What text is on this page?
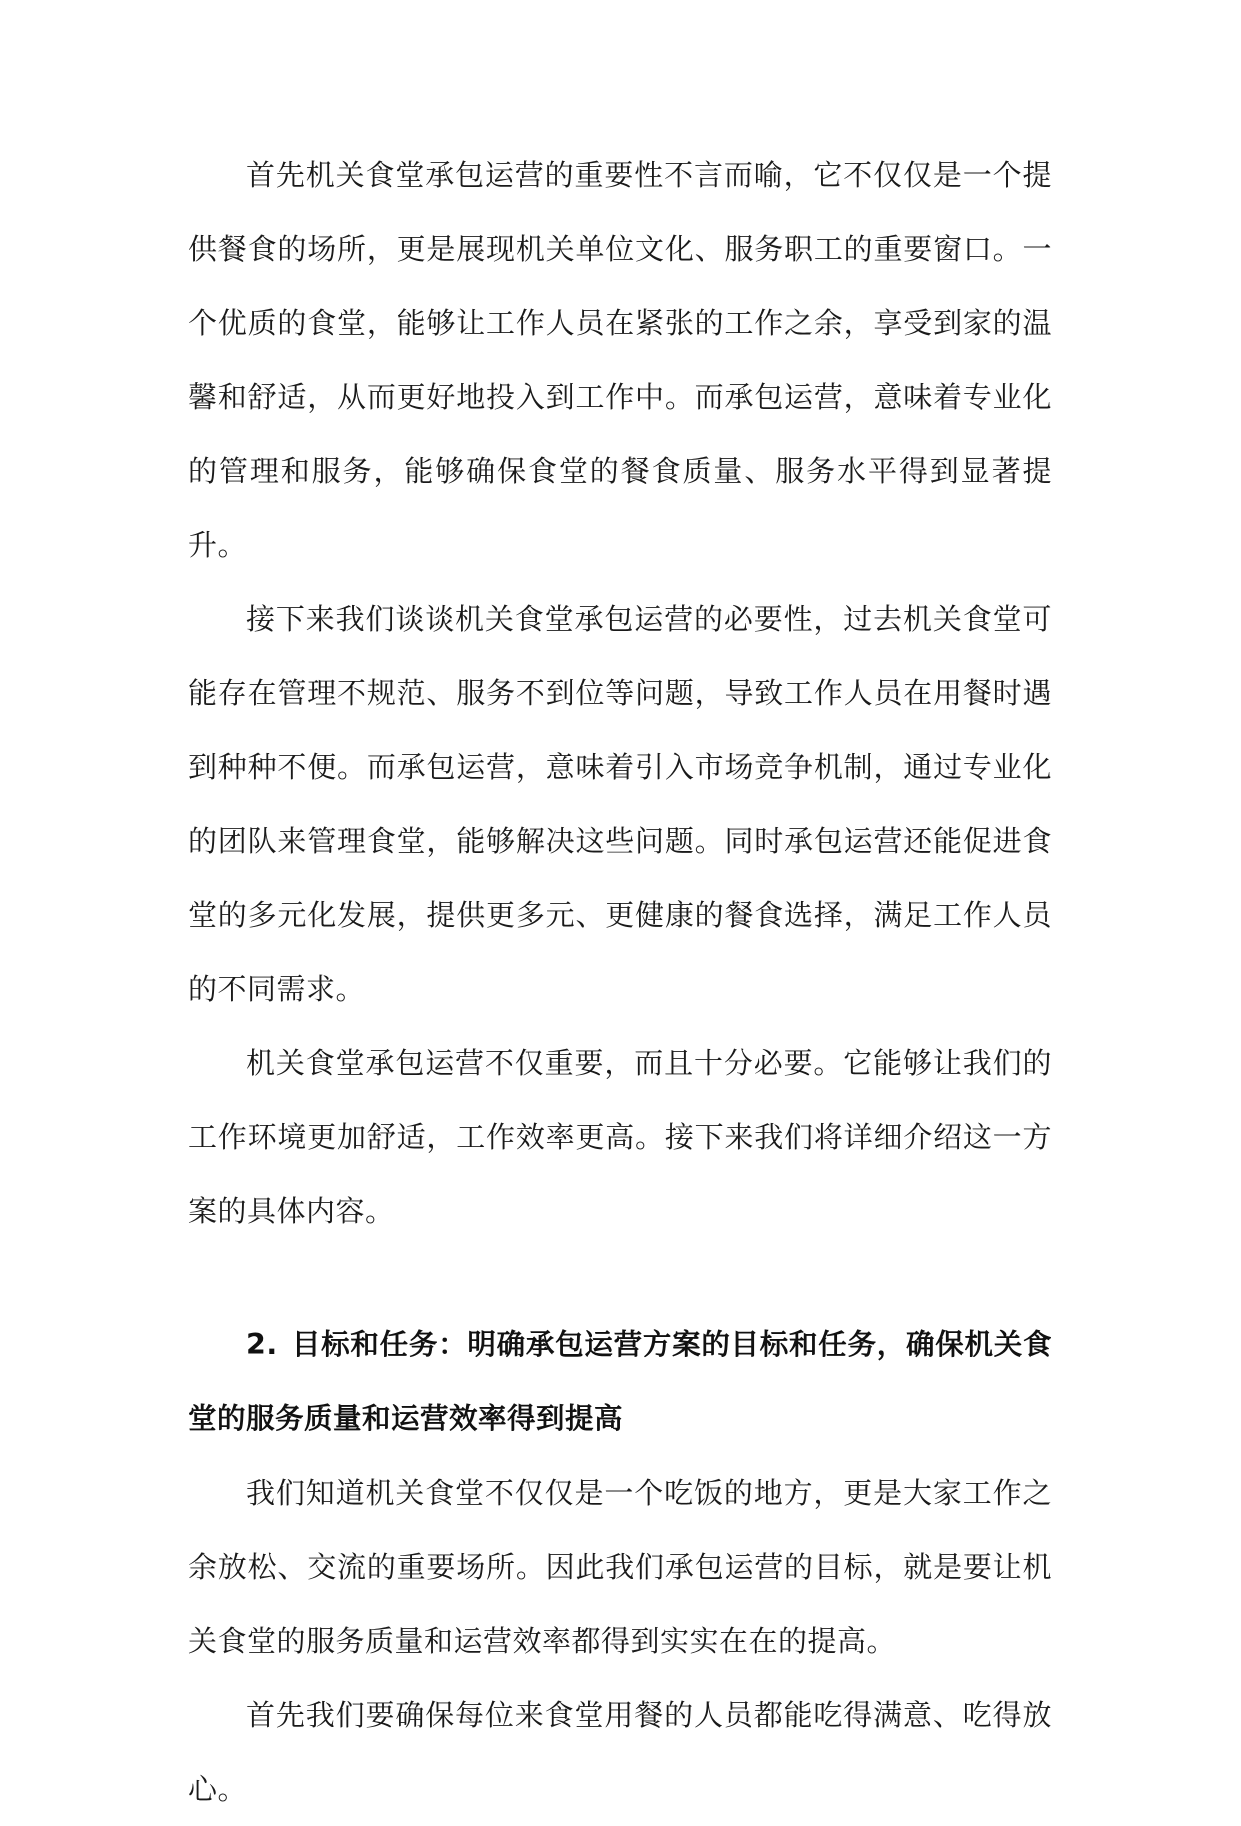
首先机关食堂承包运营的重要性不言而喻，它不仅仅是一个提供餐食的场所，更是展现机关单位文化、服务职工的重要窗口。一个优质的食堂，能够让工作人员在紧张的工作之余，享受到家的温馨和舒适，从而更好地投入到工作中。而承包运营，意味着专业化的管理和服务，能够确保食堂的餐食质量、服务水平得到显著提升。

接下来我们谈谈机关食堂承包运营的必要性，过去机关食堂可能存在管理不规范、服务不到位等问题，导致工作人员在用餐时遇到种种不便。而承包运营，意味着引入市场竞争机制，通过专业化的团队来管理食堂，能够解决这些问题。同时承包运营还能促进食堂的多元化发展，提供更多元、更健康的餐食选择，满足工作人员的不同需求。

机关食堂承包运营不仅重要，而且十分必要。它能够让我们的工作环境更加舒适，工作效率更高。接下来我们将详细介绍这一方案的具体内容。

2. 目标和任务：明确承包运营方案的目标和任务，确保机关食堂的服务质量和运营效率得到提高

我们知道机关食堂不仅仅是一个吃饭的地方，更是大家工作之余放松、交流的重要场所。因此我们承包运营的目标，就是要让机关食堂的服务质量和运营效率都得到实实在在的提高。

首先我们要确保每位来食堂用餐的人员都能吃得满意、吃得放心。
